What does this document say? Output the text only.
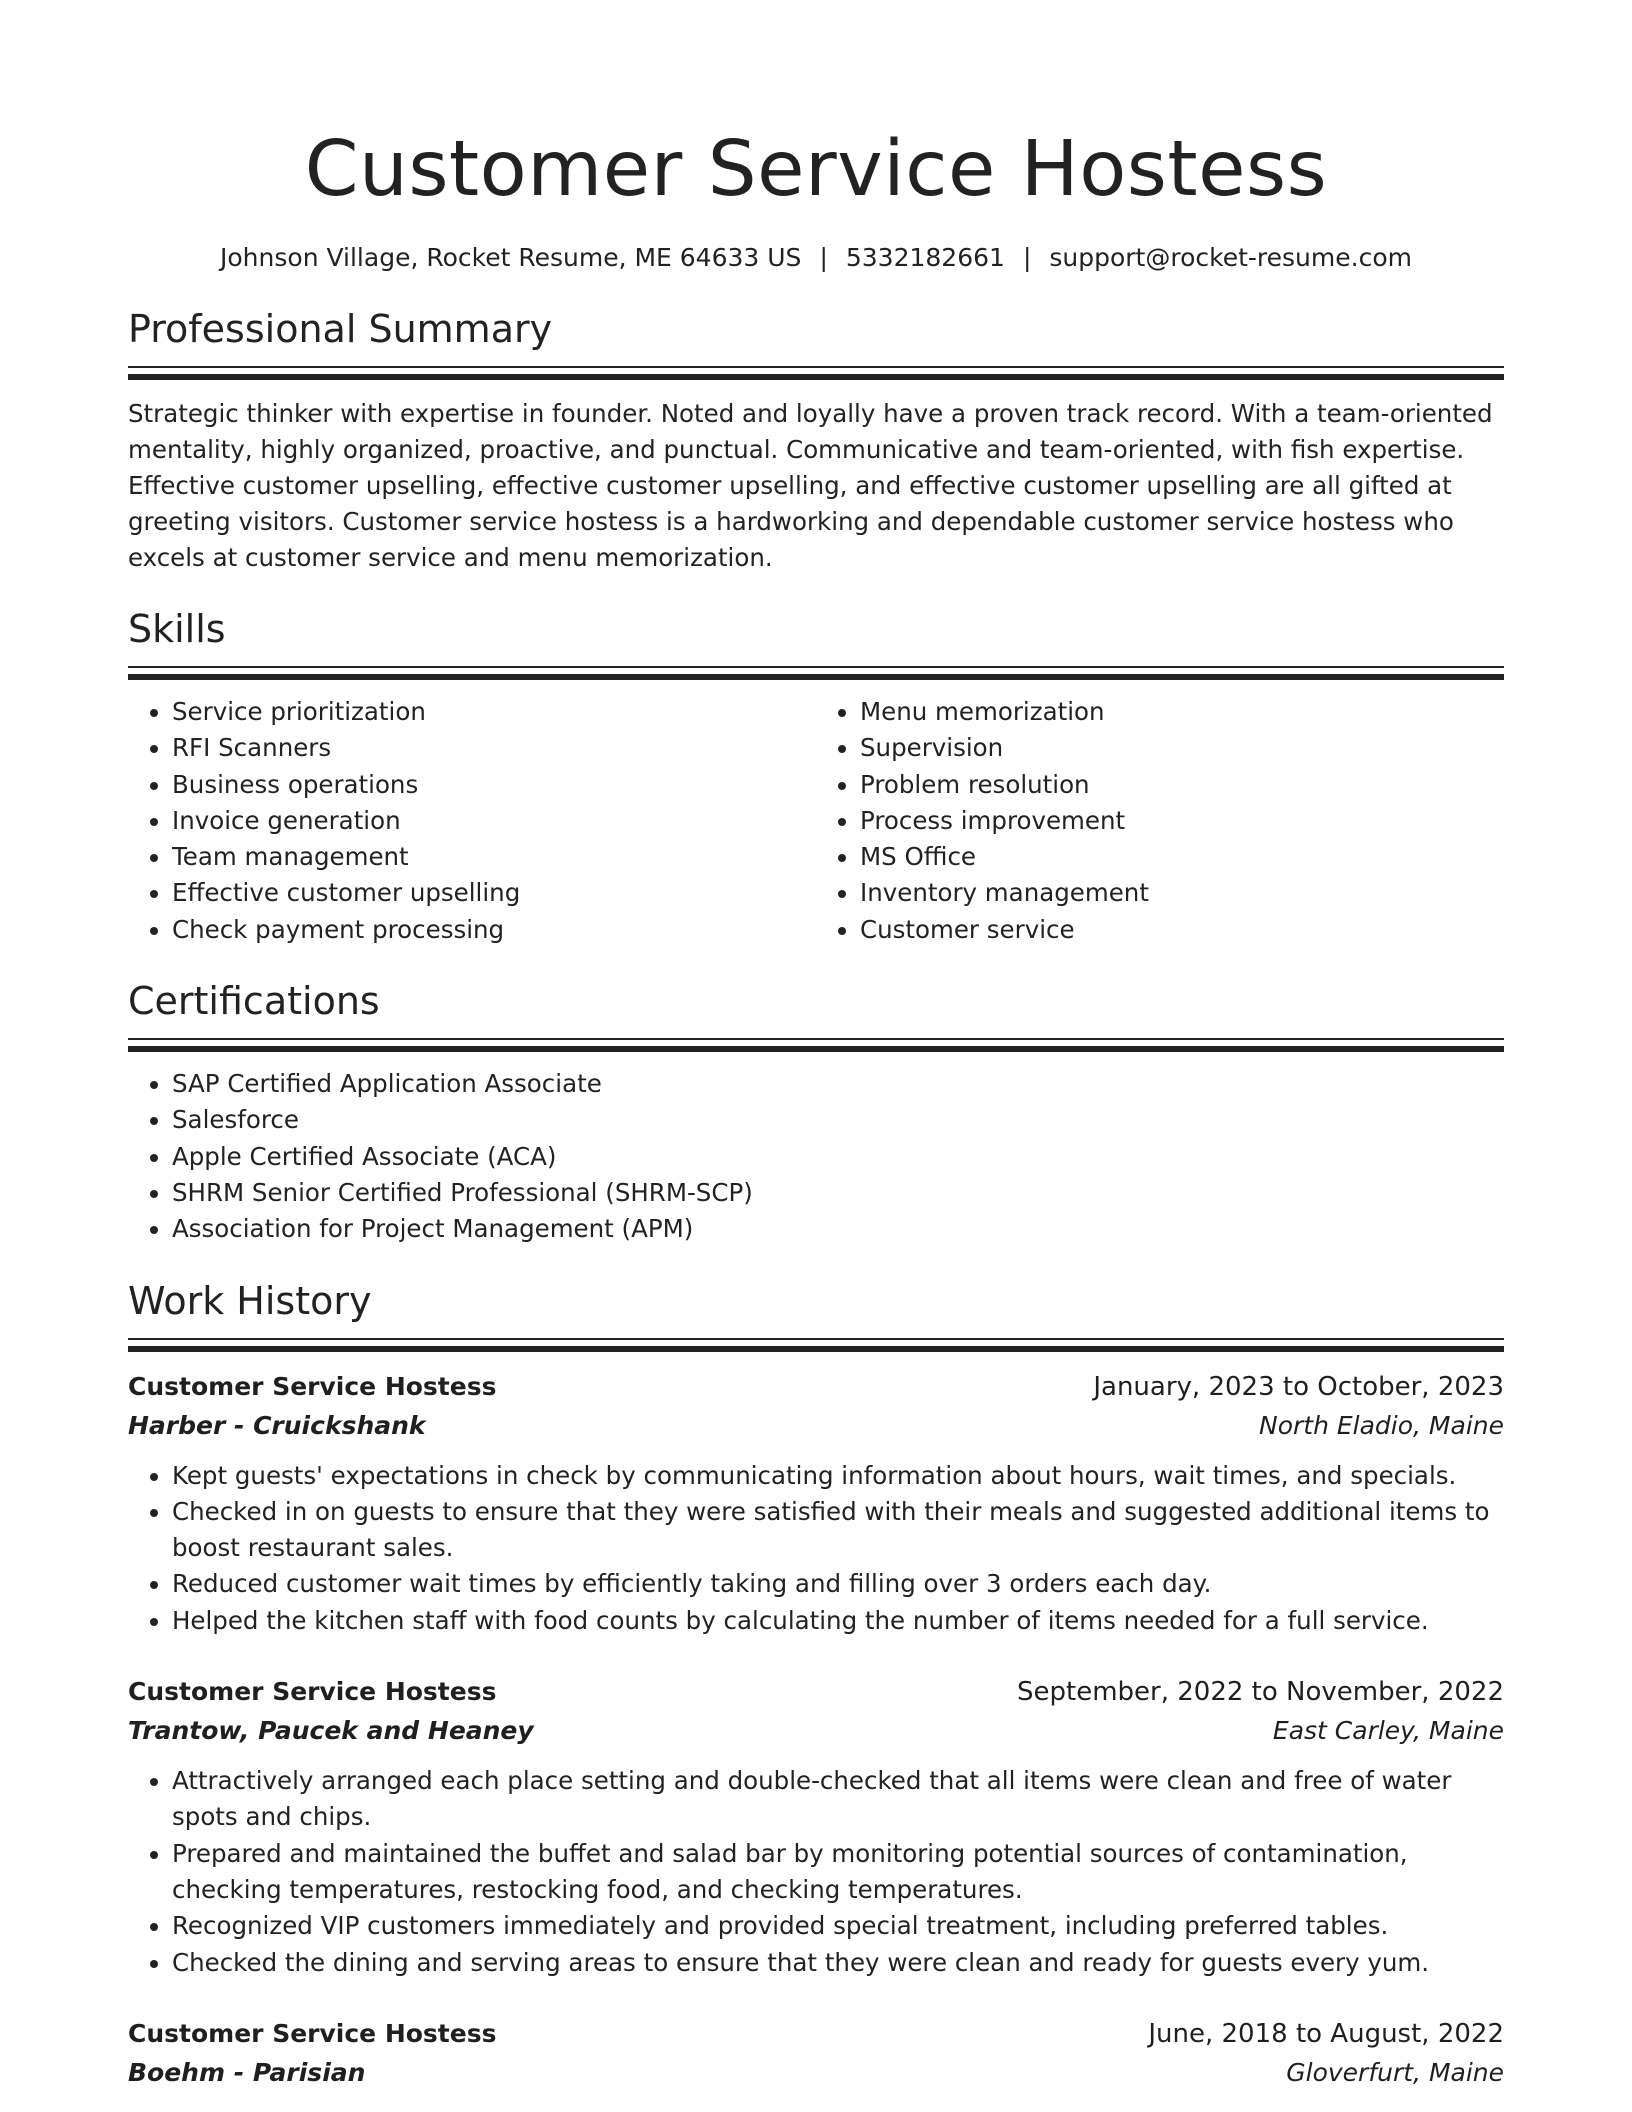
Customer Service Hostess
Johnson Village, Rocket Resume, ME 64633 US | 5332182661 | support@rocket-resume.com
Professional Summary

Strategic thinker with expertise in founder. Noted and loyally have a proven track record. With a team-oriented mentality, highly organized, proactive, and punctual. Communicative and team-oriented, with fish expertise. Effective customer upselling, effective customer upselling, and effective customer upselling are all gifted at greeting visitors. Customer service hostess is a hardworking and dependable customer service hostess who excels at customer service and menu memorization.

Skills
• Service prioritization
• RFI Scanners
• Business operations
• Invoice generation
• Team management
• Effective customer upselling
• Check payment processing
• Menu memorization
• Supervision
• Problem resolution
• Process improvement
• MS Office
• Inventory management
• Customer service
Certifications
• SAP Certified Application Associate
• Salesforce
• Apple Certified Associate (ACA)
• SHRM Senior Certified Professional (SHRM-SCP)
• Association for Project Management (APM)
Work History
Customer Service Hostess	January, 2023 to October, 2023
Harber - Cruickshank	North Eladio, Maine
• Kept guests' expectations in check by communicating information about hours, wait times, and specials.
• Checked in on guests to ensure that they were satisfied with their meals and suggested additional items to boost restaurant sales.
• Reduced customer wait times by efficiently taking and filling over 3 orders each day.
• Helped the kitchen staff with food counts by calculating the number of items needed for a full service.
Customer Service Hostess	September, 2022 to November, 2022
Trantow, Paucek and Heaney	East Carley, Maine
• Attractively arranged each place setting and double-checked that all items were clean and free of water spots and chips.
• Prepared and maintained the buffet and salad bar by monitoring potential sources of contamination, checking temperatures, restocking food, and checking temperatures.
• Recognized VIP customers immediately and provided special treatment, including preferred tables.
• Checked the dining and serving areas to ensure that they were clean and ready for guests every yum.
Customer Service Hostess	June, 2018 to August, 2022
Boehm - Parisian	Gloverfurt, Maine
